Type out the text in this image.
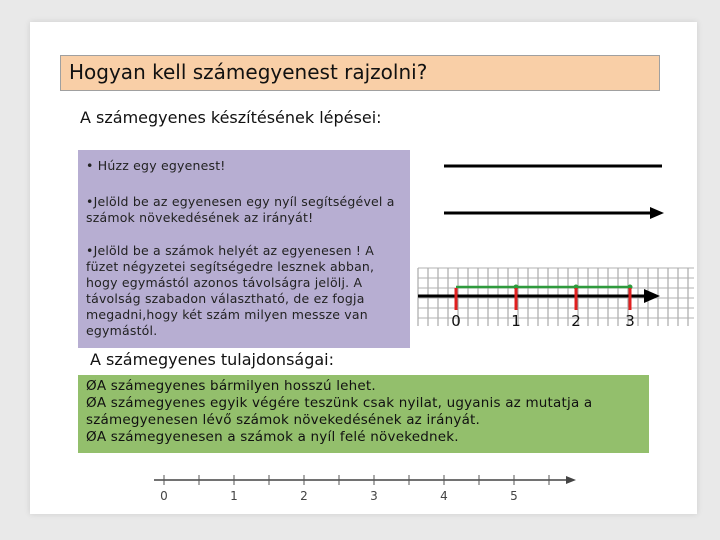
Hogyan kell számegyenest rajzolni?
A számegyenes készítésének lépései:
• Húzz egy egyenest!
•Jelöld be az egyenesen egy nyíl segítségével a számok növekedésének az irányát!
•Jelöld be a számok helyét az egyenesen ! A füzet négyzetei segítségedre lesznek abban, hogy egymástól azonos távolságra jelölj. A távolság szabadon választható, de ez fogja megadni,hogy két szám milyen messze van egymástól.
0	1	2	3
A számegyenes tulajdonságai:
ØA számegyenes bármilyen hosszú lehet.
ØA számegyenes egyik végére teszünk csak nyilat, ugyanis az mutatja a
számegyenesen lévő számok növekedésének az irányát.
ØA számegyenesen a számok a nyíl felé növekednek.
0	1	2	3	4	5
